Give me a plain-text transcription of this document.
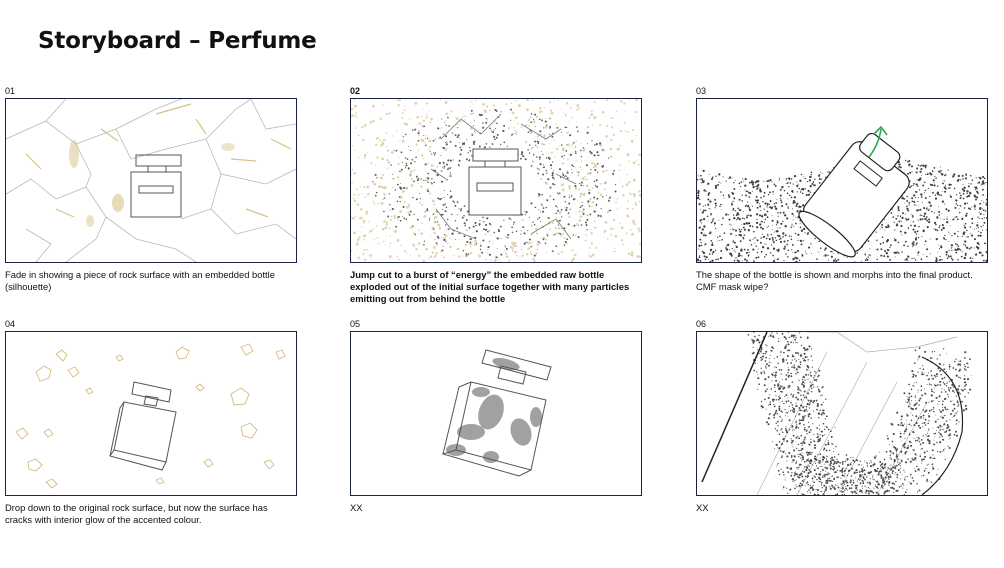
Storyboard – Perfume
01
Fade in showing a piece of rock surface with an embedded bottle (silhouette)
02
Jump cut to a burst of “energy” the embedded raw bottle exploded out of the initial surface together with many particles emitting out from behind the bottle
03
The shape of the bottle is shown and morphs into the final product. CMF mask wipe?
04
Drop down to the original rock surface, but now the surface has cracks with interior glow of the accented colour.
05
XX
06
XX
